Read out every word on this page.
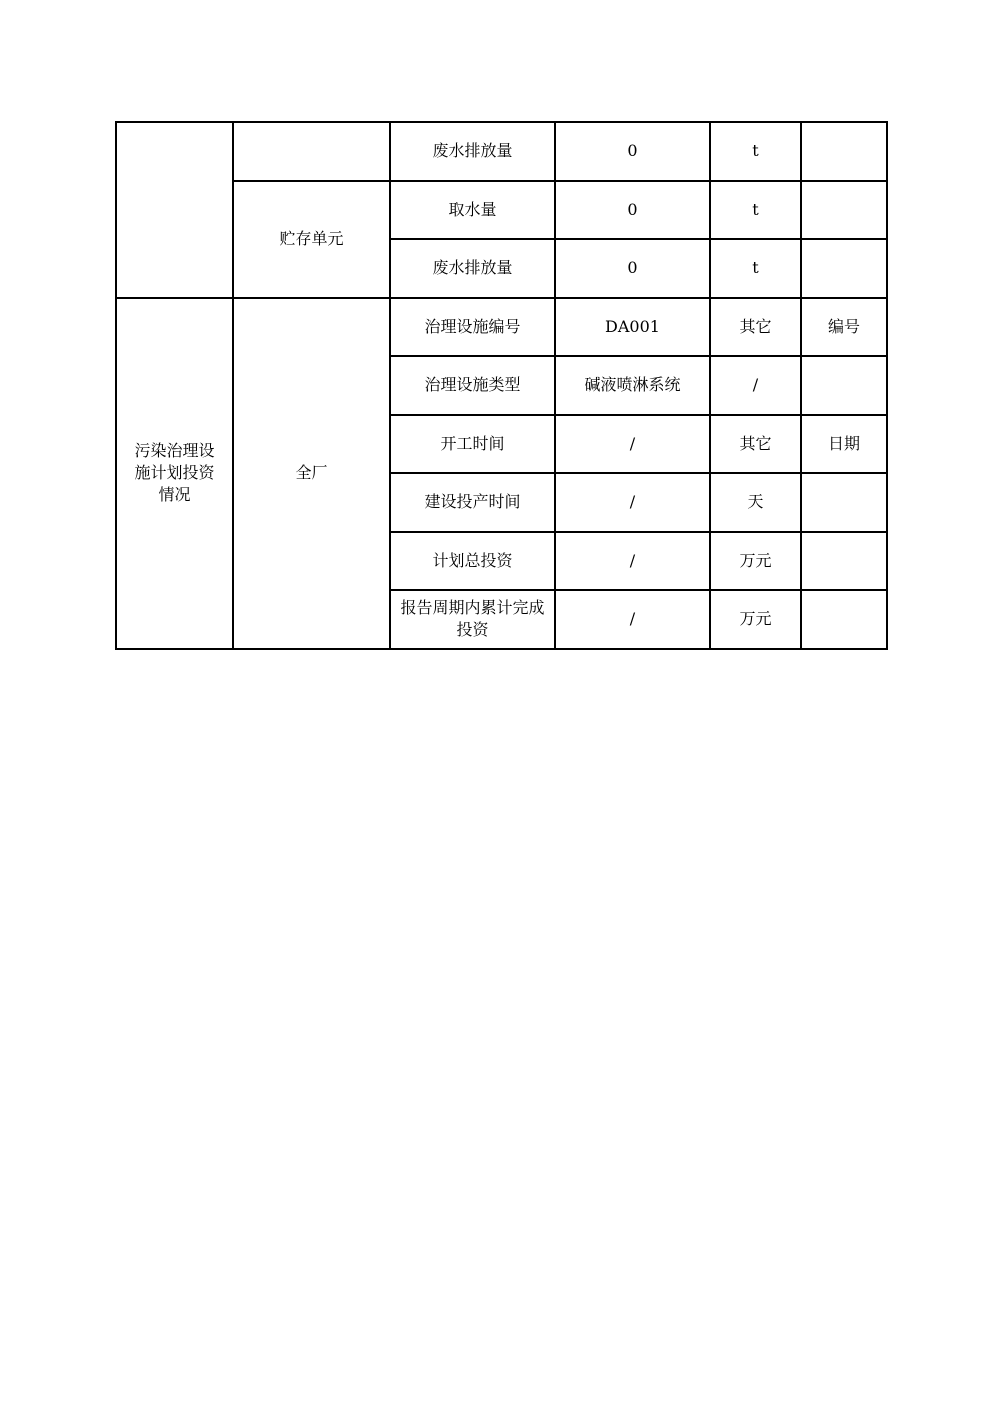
		废水排放量	0	t	
	贮存单元	取水量	0	t	
		废水排放量	0	t	
污染治理设施计划投资情况	全厂	治理设施编号	DA001	其它	编号
		治理设施类型	碱液喷淋系统	/	
		开工时间	/	其它	日期
		建设投产时间	/	天	
		计划总投资	/	万元	
		报告周期内累计完成投资	/	万元	
